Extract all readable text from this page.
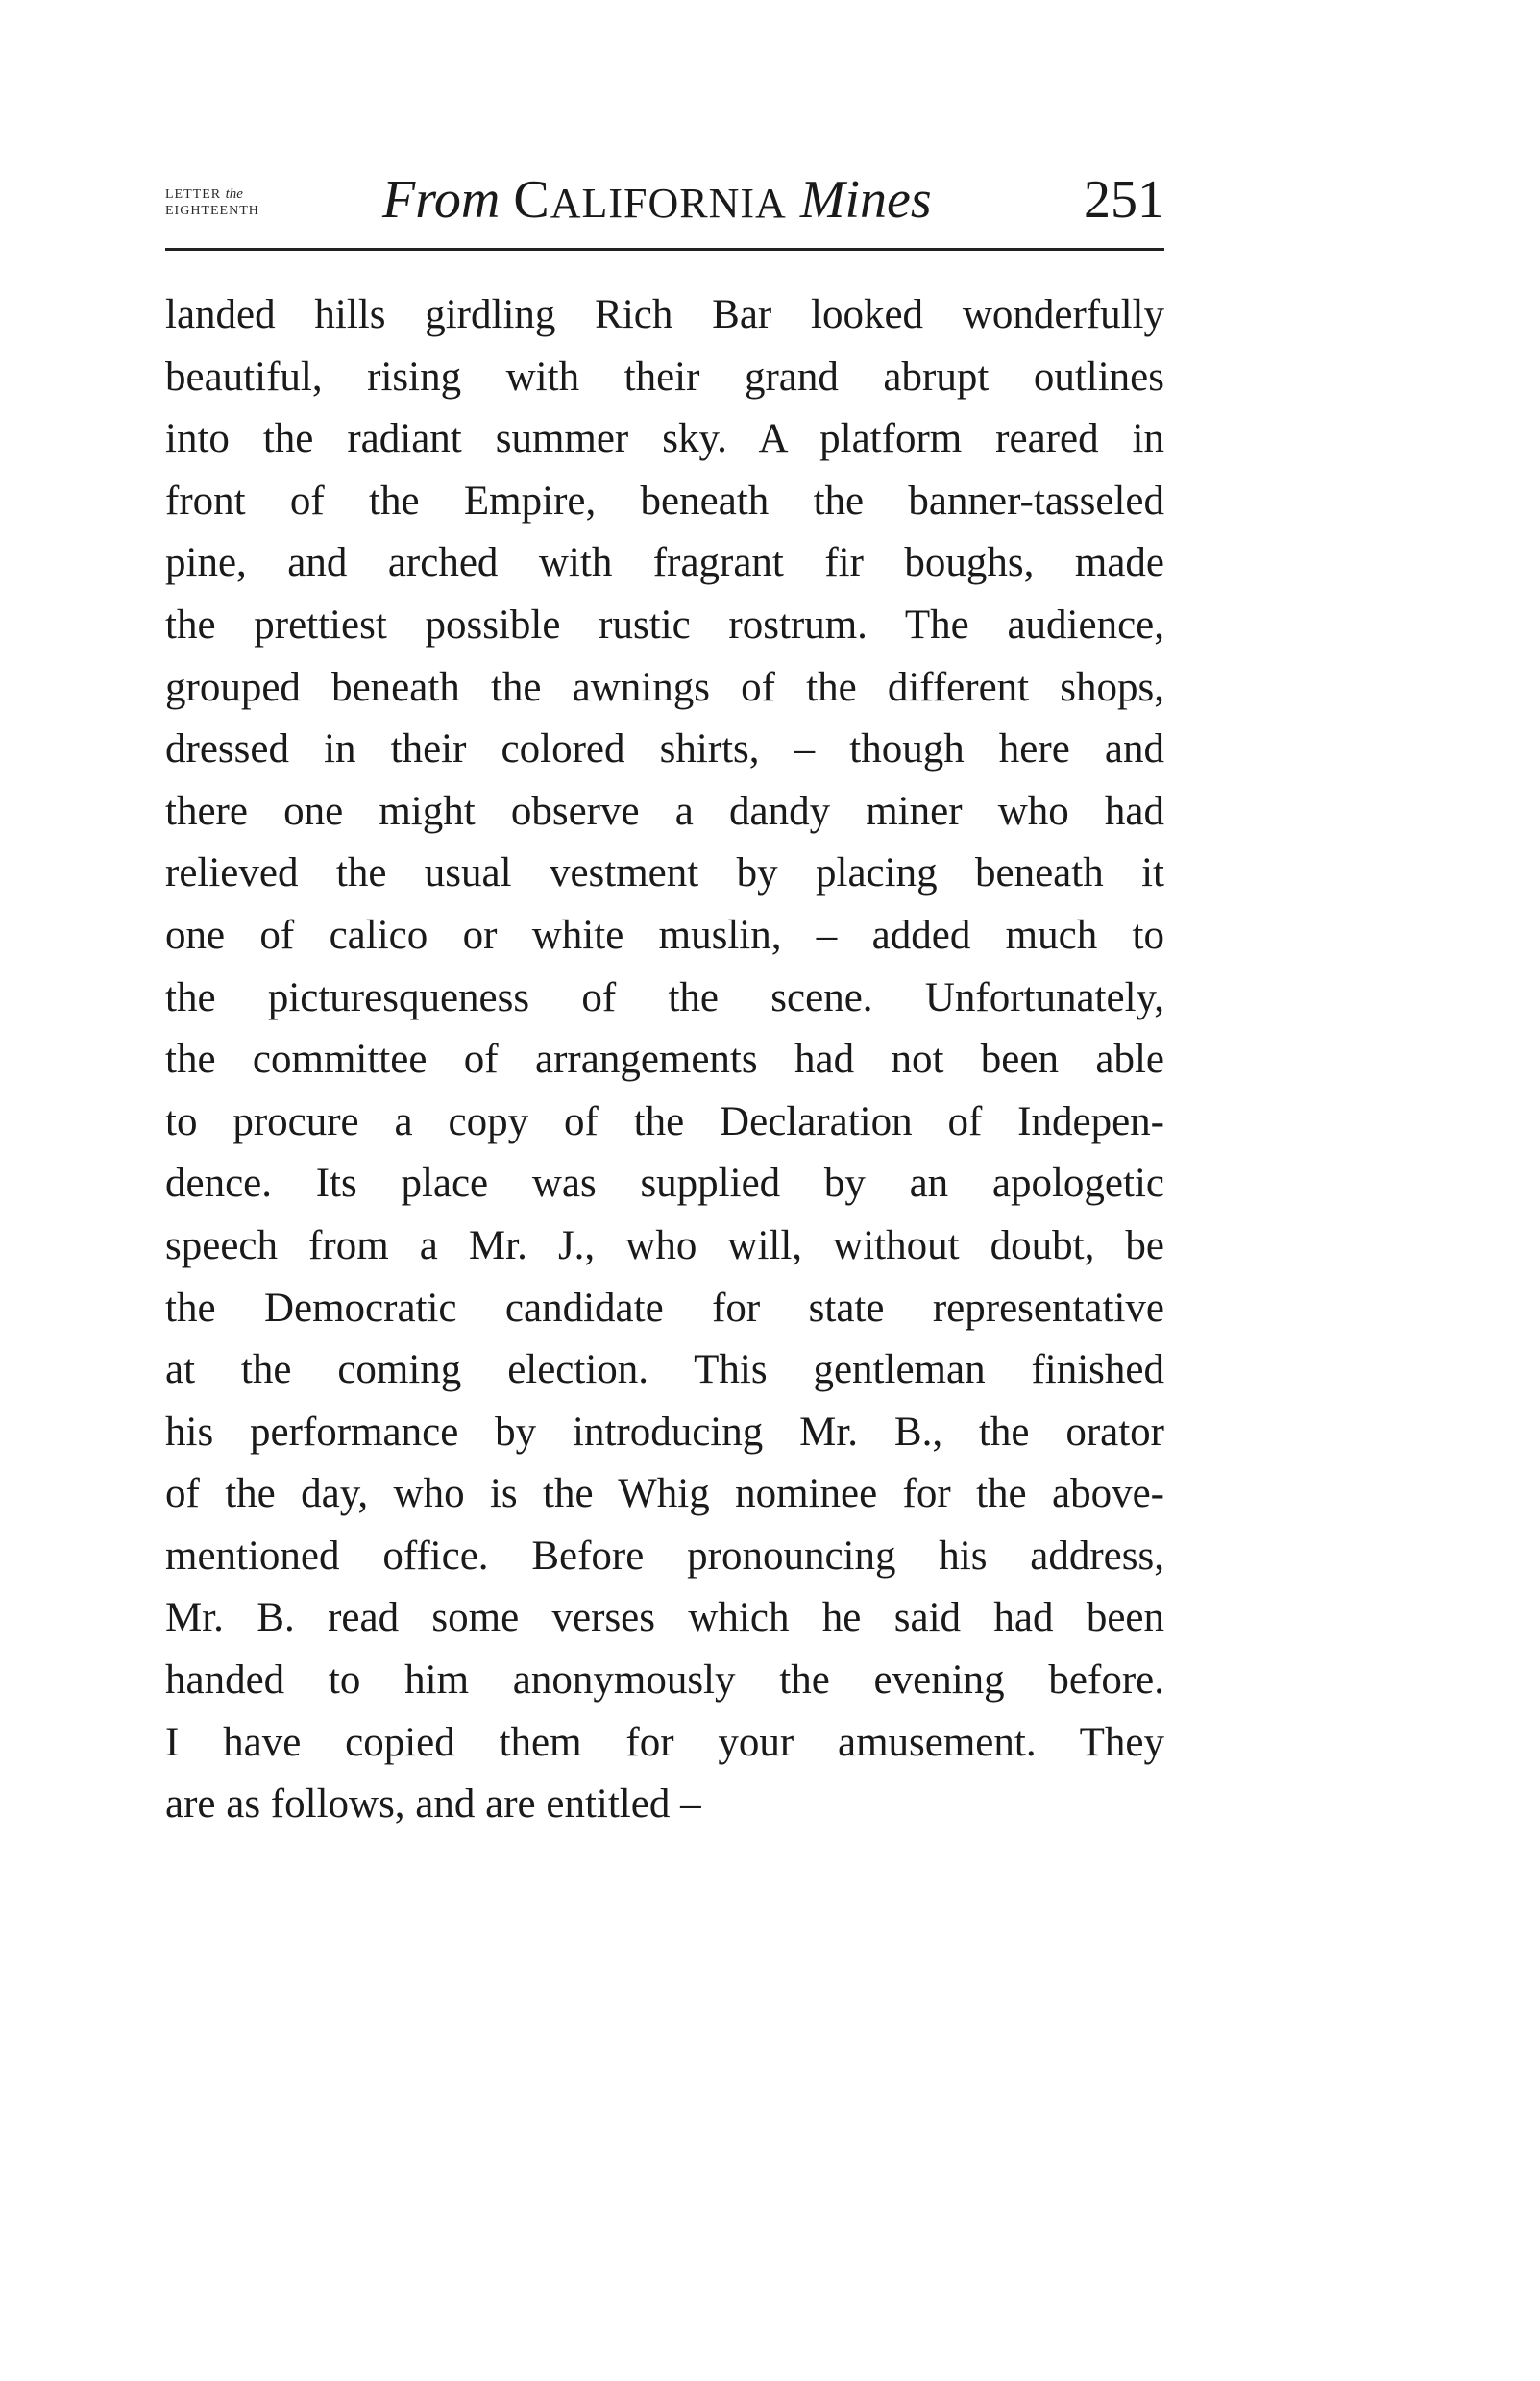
LETTER the
EIGHTEENTH	From CALIFORNIA Mines	251
landed hills girdling Rich Bar looked wonderfully
beautiful, rising with their grand abrupt outlines
into the radiant summer sky. A platform reared in
front of the Empire, beneath the banner-tasseled
pine, and arched with fragrant fir boughs, made
the prettiest possible rustic rostrum. The audience,
grouped beneath the awnings of the different shops,
dressed in their colored shirts, – though here and
there one might observe a dandy miner who had
relieved the usual vestment by placing beneath it
one of calico or white muslin, – added much to
the picturesqueness of the scene. Unfortunately,
the committee of arrangements had not been able
to procure a copy of the Declaration of Indepen-
dence. Its place was supplied by an apologetic
speech from a Mr. J., who will, without doubt, be
the Democratic candidate for state representative
at the coming election. This gentleman finished
his performance by introducing Mr. B., the orator
of the day, who is the Whig nominee for the above-
mentioned office. Before pronouncing his address,
Mr. B. read some verses which he said had been
handed to him anonymously the evening before.
I have copied them for your amusement. They
are as follows, and are entitled –
